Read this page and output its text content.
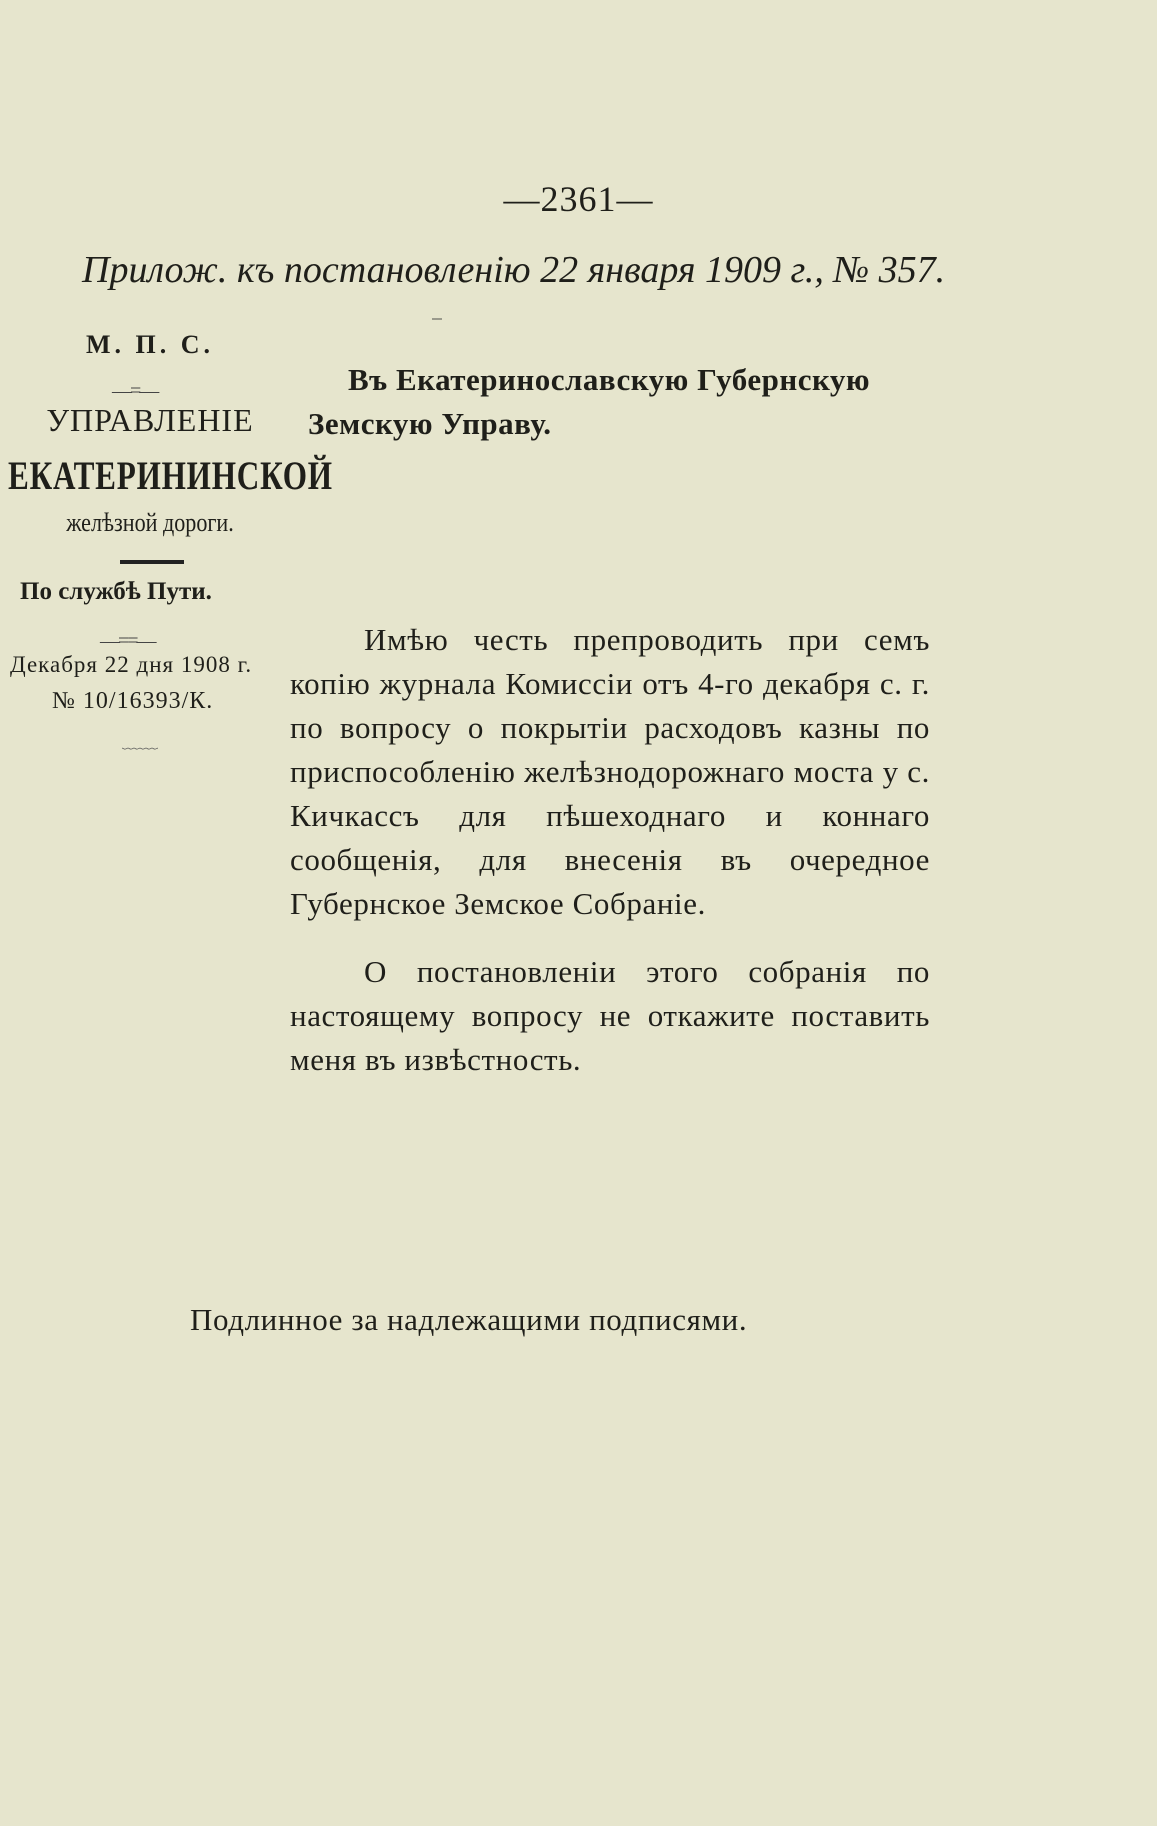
—2361—
Прилож. къ постановленію 22 января 1909 г., № 357.
М. П. С.
—=—
УПРАВЛЕНІЕ
ЕКАТЕРИНИНСКОЙ
желѣзной дороги.
По службѣ Пути.
—==—
Декабря 22 дня 1908 г.
№ 10/16393/К.
﹏﹏
Въ Екатеринославскую Губернскую
Земскую Управу.

Имѣю честь препроводить при семъ копію журнала Комиссіи отъ 4-го декабря с. г. по вопросу о покрытіи расходовъ казны по приспособленію желѣзнодорожнаго моста у с. Кичкассъ для пѣшеходнаго и коннаго сообщенія, для внесенія въ очередное Губернское Земское Собраніе.

О постановленіи этого собранія по настоящему вопросу не откажите поставить меня въ извѣстность.

Подлинное за надлежащими подписями.
